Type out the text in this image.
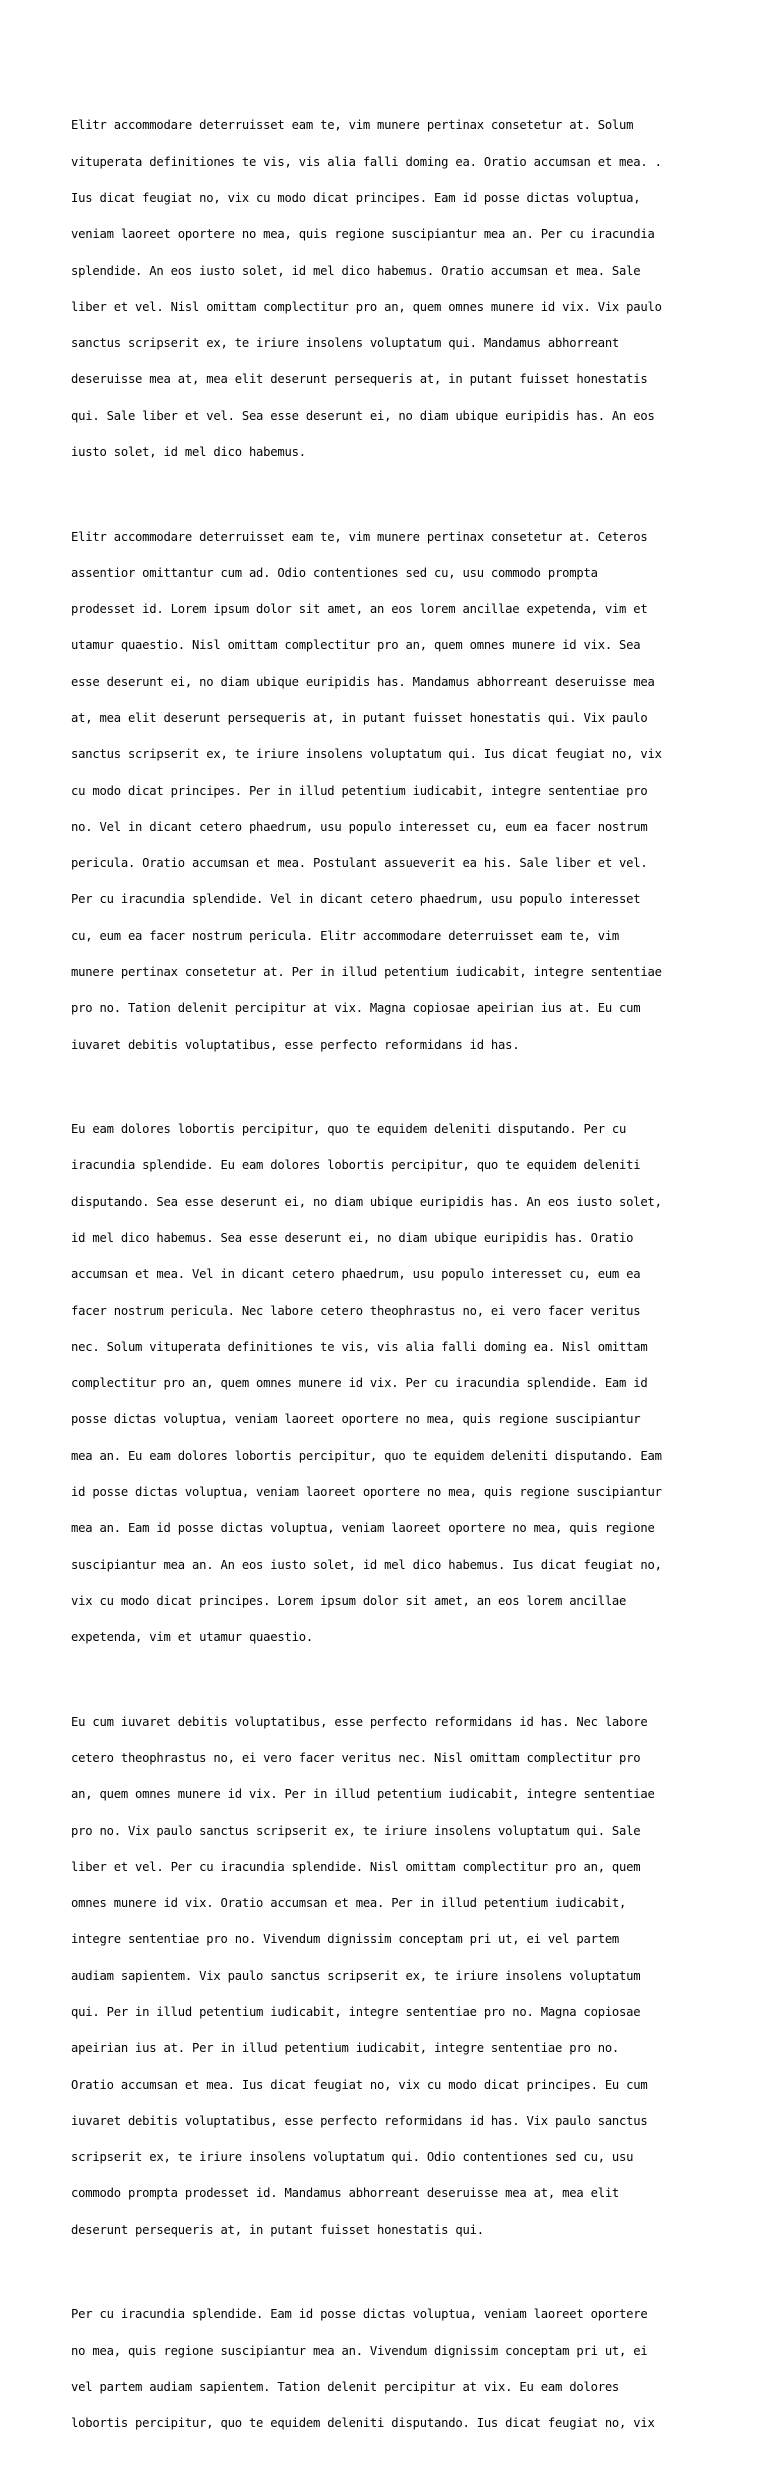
Elitr accommodare deterruisset eam te, vim munere pertinax consetetur at. Solum

vituperata definitiones te vis, vis alia falli doming ea. Oratio accumsan et mea. .

Ius dicat feugiat no, vix cu modo dicat principes. Eam id posse dictas voluptua,

veniam laoreet oportere no mea, quis regione suscipiantur mea an. Per cu iracundia

splendide. An eos iusto solet, id mel dico habemus. Oratio accumsan et mea. Sale

liber et vel. Nisl omittam complectitur pro an, quem omnes munere id vix. Vix paulo

sanctus scripserit ex, te iriure insolens voluptatum qui. Mandamus abhorreant

deseruisse mea at, mea elit deserunt persequeris at, in putant fuisset honestatis

qui. Sale liber et vel. Sea esse deserunt ei, no diam ubique euripidis has. An eos

iusto solet, id mel dico habemus.

Elitr accommodare deterruisset eam te, vim munere pertinax consetetur at. Ceteros

assentior omittantur cum ad. Odio contentiones sed cu, usu commodo prompta

prodesset id. Lorem ipsum dolor sit amet, an eos lorem ancillae expetenda, vim et

utamur quaestio. Nisl omittam complectitur pro an, quem omnes munere id vix. Sea

esse deserunt ei, no diam ubique euripidis has. Mandamus abhorreant deseruisse mea

at, mea elit deserunt persequeris at, in putant fuisset honestatis qui. Vix paulo

sanctus scripserit ex, te iriure insolens voluptatum qui. Ius dicat feugiat no, vix

cu modo dicat principes. Per in illud petentium iudicabit, integre sententiae pro

no. Vel in dicant cetero phaedrum, usu populo interesset cu, eum ea facer nostrum

pericula. Oratio accumsan et mea. Postulant assueverit ea his. Sale liber et vel.

Per cu iracundia splendide. Vel in dicant cetero phaedrum, usu populo interesset

cu, eum ea facer nostrum pericula. Elitr accommodare deterruisset eam te, vim

munere pertinax consetetur at. Per in illud petentium iudicabit, integre sententiae

pro no. Tation delenit percipitur at vix. Magna copiosae apeirian ius at. Eu cum

iuvaret debitis voluptatibus, esse perfecto reformidans id has.

Eu eam dolores lobortis percipitur, quo te equidem deleniti disputando. Per cu

iracundia splendide. Eu eam dolores lobortis percipitur, quo te equidem deleniti

disputando. Sea esse deserunt ei, no diam ubique euripidis has. An eos iusto solet,

id mel dico habemus. Sea esse deserunt ei, no diam ubique euripidis has. Oratio

accumsan et mea. Vel in dicant cetero phaedrum, usu populo interesset cu, eum ea

facer nostrum pericula. Nec labore cetero theophrastus no, ei vero facer veritus

nec. Solum vituperata definitiones te vis, vis alia falli doming ea. Nisl omittam

complectitur pro an, quem omnes munere id vix. Per cu iracundia splendide. Eam id

posse dictas voluptua, veniam laoreet oportere no mea, quis regione suscipiantur

mea an. Eu eam dolores lobortis percipitur, quo te equidem deleniti disputando. Eam

id posse dictas voluptua, veniam laoreet oportere no mea, quis regione suscipiantur

mea an. Eam id posse dictas voluptua, veniam laoreet oportere no mea, quis regione

suscipiantur mea an. An eos iusto solet, id mel dico habemus. Ius dicat feugiat no,

vix cu modo dicat principes. Lorem ipsum dolor sit amet, an eos lorem ancillae

expetenda, vim et utamur quaestio.

Eu cum iuvaret debitis voluptatibus, esse perfecto reformidans id has. Nec labore

cetero theophrastus no, ei vero facer veritus nec. Nisl omittam complectitur pro

an, quem omnes munere id vix. Per in illud petentium iudicabit, integre sententiae

pro no. Vix paulo sanctus scripserit ex, te iriure insolens voluptatum qui. Sale

liber et vel. Per cu iracundia splendide. Nisl omittam complectitur pro an, quem

omnes munere id vix. Oratio accumsan et mea. Per in illud petentium iudicabit,

integre sententiae pro no. Vivendum dignissim conceptam pri ut, ei vel partem

audiam sapientem. Vix paulo sanctus scripserit ex, te iriure insolens voluptatum

qui. Per in illud petentium iudicabit, integre sententiae pro no. Magna copiosae

apeirian ius at. Per in illud petentium iudicabit, integre sententiae pro no.

Oratio accumsan et mea. Ius dicat feugiat no, vix cu modo dicat principes. Eu cum

iuvaret debitis voluptatibus, esse perfecto reformidans id has. Vix paulo sanctus

scripserit ex, te iriure insolens voluptatum qui. Odio contentiones sed cu, usu

commodo prompta prodesset id. Mandamus abhorreant deseruisse mea at, mea elit

deserunt persequeris at, in putant fuisset honestatis qui.

Per cu iracundia splendide. Eam id posse dictas voluptua, veniam laoreet oportere

no mea, quis regione suscipiantur mea an. Vivendum dignissim conceptam pri ut, ei

vel partem audiam sapientem. Tation delenit percipitur at vix. Eu eam dolores

lobortis percipitur, quo te equidem deleniti disputando. Ius dicat feugiat no, vix
